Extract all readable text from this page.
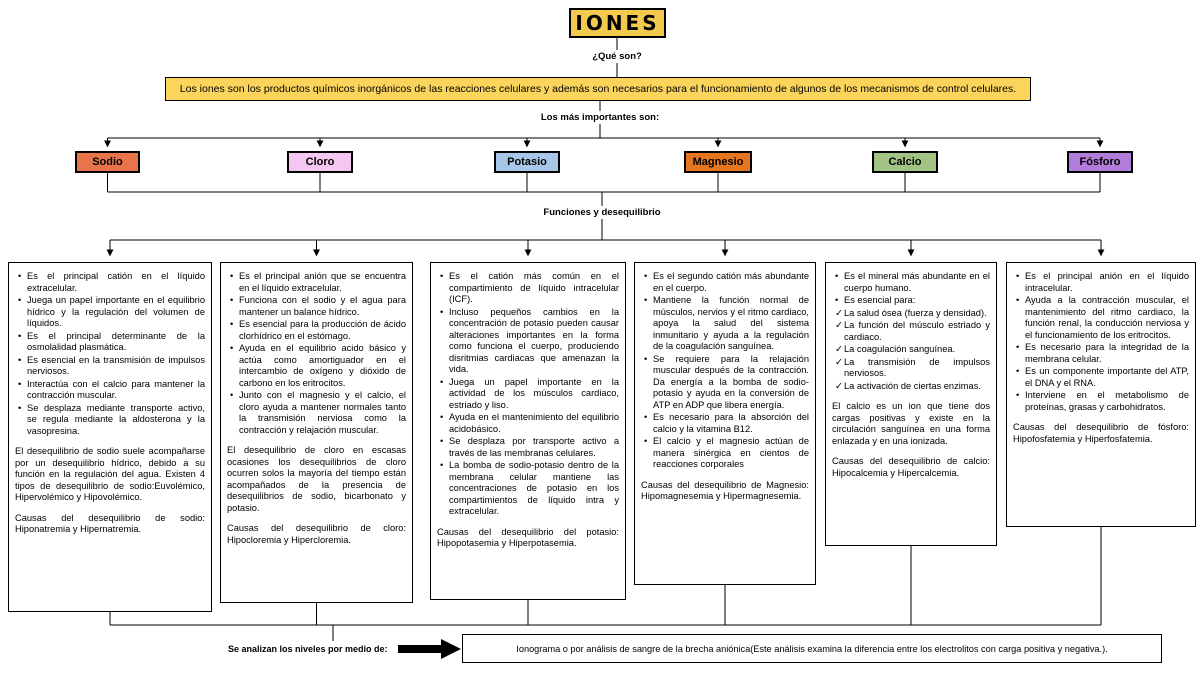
IONES
¿Qué son?
Los iones son los productos químicos inorgánicos de las reacciones celulares y además son necesarios para el funcionamiento de algunos de los mecanismos de control celulares.
Los más importantes son:
Sodio	Cloro	Potasio	Magnesio	Calcio	Fósforo
Funciones y desequilibrio
• Es el principal catión en el líquido extracelular.
• Juega un papel importante en el equilibrio hídrico y la regulación del volumen de líquidos.
• Es el principal determinante de la osmolalidad plasmática.
• Es esencial en la transmisión de impulsos nerviosos.
• Interactúa con el calcio para mantener la contracción muscular.
• Se desplaza mediante transporte activo, se regula mediante la aldosterona y la vasopresina.

El desequilibrio de sodio suele acompañarse por un desequilibrio hídrico, debido a su función en la regulación del agua. Existen 4 tipos de desequilibrio de sodio:Euvolémico, Hipervolémico y Hipovolémico.

Causas del desequilibrio de sodio: Hiponatremia y Hipernatremia.

• Es el principal anión que se encuentra en el líquido extracelular.
• Funciona con el sodio y el agua para mantener un balance hídrico.
• Es esencial para la producción de ácido clorhídrico en el estómago.
• Ayuda en el equilibrio acido básico y actúa como amortiguador en el intercambio de oxígeno y dióxido de carbono en los eritrocitos.
• Junto con el magnesio y el calcio, el cloro ayuda a mantener normales tanto la transmisión nerviosa como la contracción y relajación muscular.

El desequilibrio de cloro en escasas ocasiones los desequilibrios de cloro ocurren solos la mayoría del tiempo están acompañados de la presencia de desequilibrios de sodio, bicarbonato y potasio.

Causas del desequilibrio de cloro: Hipocloremia y Hipercloremia.

• Es el catión más común en el compartimiento de líquido intracelular (ICF).
• Incluso pequeños cambios en la concentración de potasio pueden causar alteraciones importantes en la forma como funciona el cuerpo, produciendo disritmias cardiacas que amenazan la vida.
• Juega un papel importante en la actividad de los músculos cardiaco, estriado y liso.
• Ayuda en el mantenimiento del equilibrio acidobásico.
• Se desplaza por transporte activo a través de las membranas celulares.
• La bomba de sodio-potasio dentro de la membrana celular mantiene las concentraciones de potasio en los compartimientos de líquido intra y extracelular.

Causas del desequilibrio del potasio: Hipopotasemia y Hiperpotasemia.

• Es el segundo catión más abundante en el cuerpo.
• Mantiene la función normal de músculos, nervios y el ritmo cardiaco, apoya la salud del sistema inmunitario y ayuda a la regulación de la coagulación sanguínea.
• Se requiere para la relajación muscular después de la contracción. Da energía a la bomba de sodio-potasio y ayuda en la conversión de ATP en ADP que libera energía.
• Es necesario para la absorción del calcio y la vitamina B12.
• El calcio y el magnesio actúan de manera sinérgica en cientos de reacciones corporales

Causas del desequilibrio de Magnesio: Hipomagnesemia y Hipermagnesemia.

• Es el mineral más abundante en el cuerpo humano.
• Es esencial para:
✓ La salud ósea (fuerza y densidad).
✓ La función del músculo estriado y cardiaco.
✓ La coagulación sanguínea.
✓ La transmisión de impulsos nerviosos.
✓ La activación de ciertas enzimas.

El calcio es un ion que tiene dos cargas positivas y existe en la circulación sanguínea en una forma enlazada y en una ionizada.

Causas del desequilibrio de calcio: Hipocalcemia y Hipercalcemia.

• Es el principal anión en el líquido intracelular.
• Ayuda a la contracción muscular, el mantenimiento del ritmo cardiaco, la función renal, la conducción nerviosa y el funcionamiento de los eritrocitos.
• Es necesario para la integridad de la membrana celular.
• Es un componente importante del ATP, el DNA y el RNA.
• Interviene en el metabolismo de proteínas, grasas y carbohidratos.

Causas del desequilibrio de fósforo: Hipofosfatemia y Hiperfosfatemia.

Se analizan los niveles por medio de:	Ionograma o por análisis de sangre de la brecha aniónica(Este análisis examina la diferencia entre los electrolitos con carga positiva y negativa.).
